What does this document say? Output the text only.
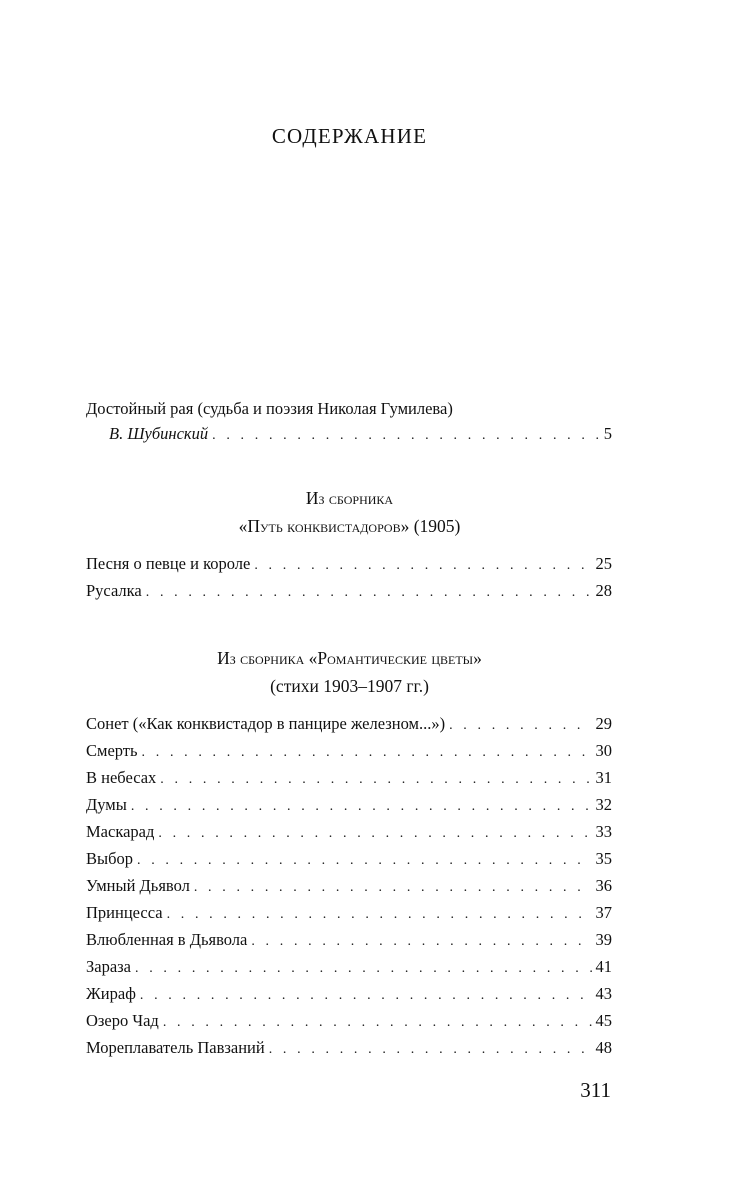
СОДЕРЖАНИЕ
Достойный рая (судьба и поэзия Николая Гумилева)
В. Шубинский . . .	5
Из сборника
«Путь конквистадоров» (1905)
Песня о певце и короле . . .	25
Русалка . . .	28
Из сборника «Романтические цветы»
(стихи 1903–1907 гг.)
Сонет («Как конквистадор в панцире железном...») . . .	29
Смерть . . .	30
В небесах . . .	31
Думы . . .	32
Маскарад . . .	33
Выбор . . .	35
Умный Дьявол . . .	36
Принцесса . . .	37
Влюбленная в Дьявола . . .	39
Зараза . . .	41
Жираф . . .	43
Озеро Чад . . .	45
Мореплаватель Павзаний . . .	48
311
